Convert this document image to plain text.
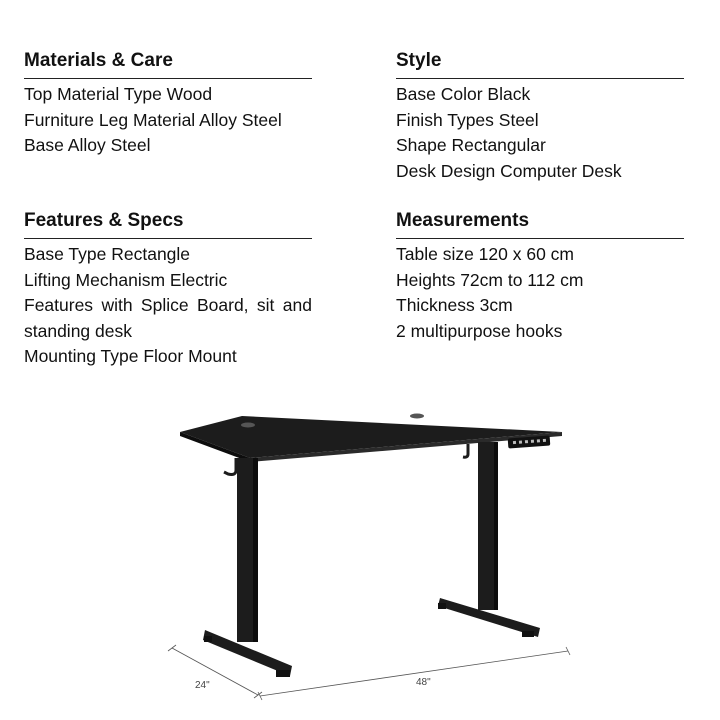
Materials & Care
Top Material Type Wood
Furniture Leg Material Alloy Steel
Base Alloy Steel
Style
Base Color Black
Finish Types Steel
Shape Rectangular
Desk Design Computer Desk
Features & Specs
Base Type Rectangle
Lifting Mechanism Electric
Features with Splice Board, sit and standing desk
Mounting Type Floor Mount
Measurements
Table size 120 x 60 cm
Heights 72cm to 112 cm
Thickness 3cm
2 multipurpose hooks
24"	48"
